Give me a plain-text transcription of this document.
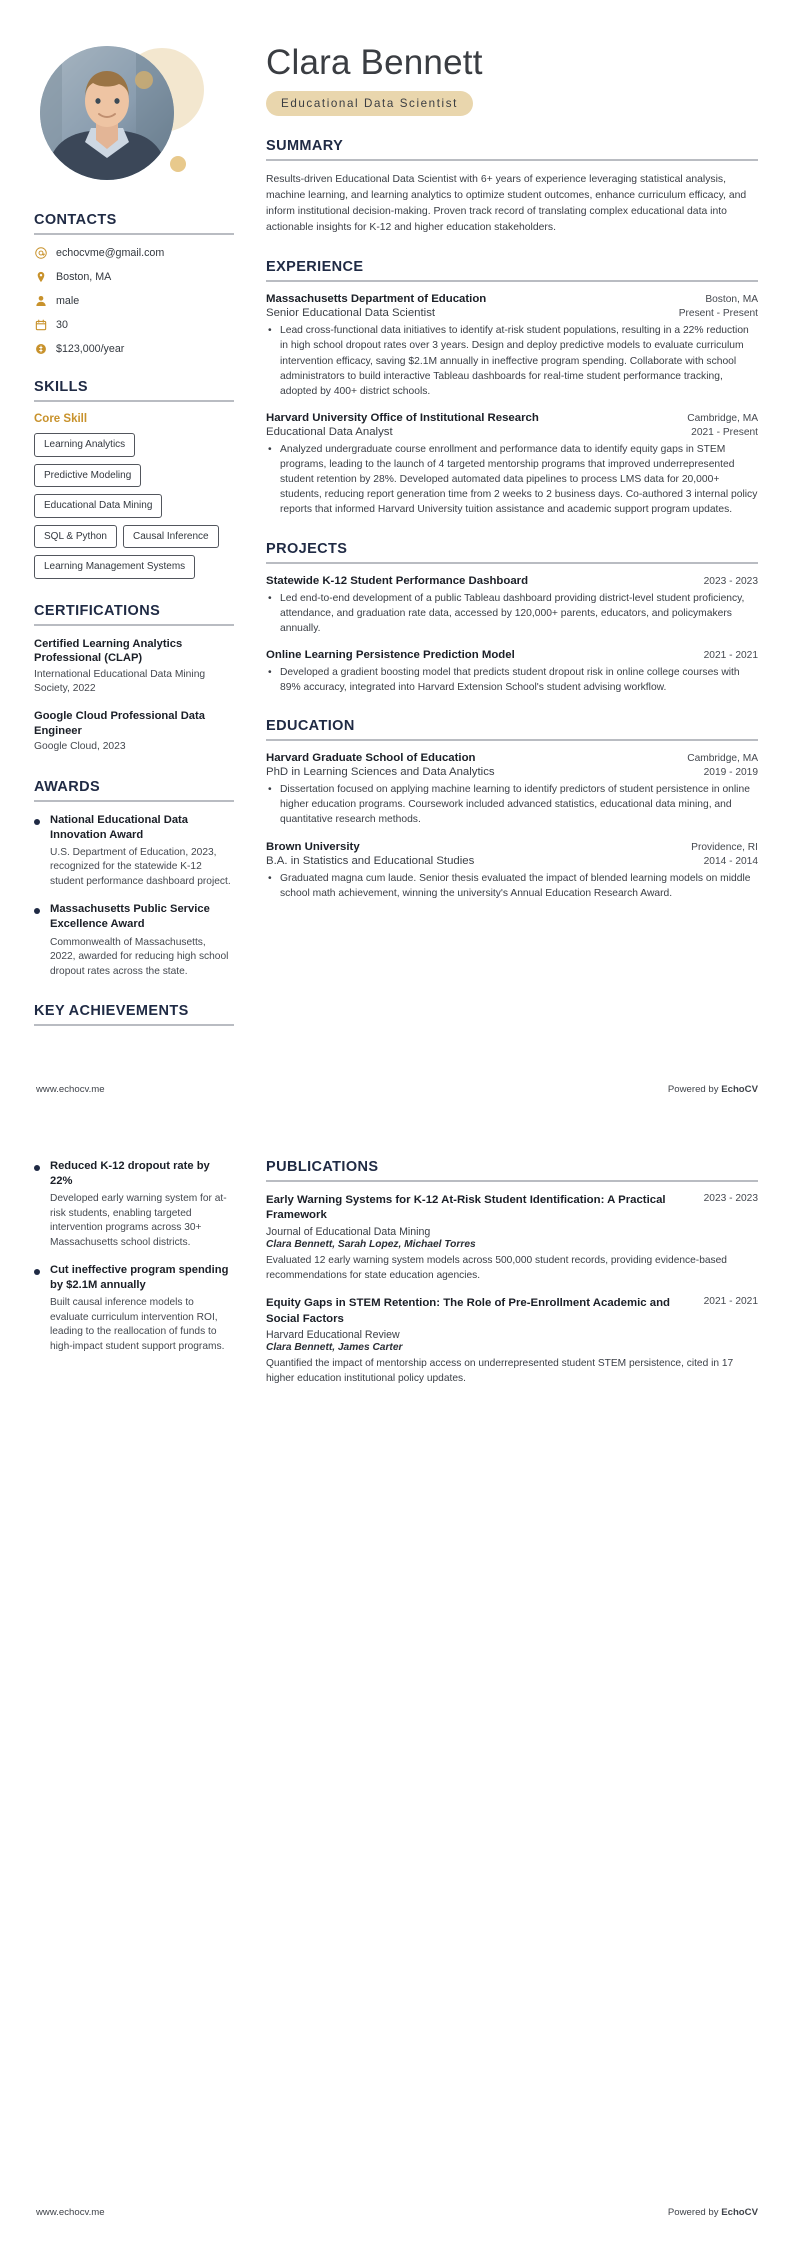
CONTACTS
echocvme@gmail.com
Boston, MA
male
30
$123,000/year
SKILLS
Core Skill
Learning Analytics
Predictive Modeling
Educational Data Mining
SQL & Python	Causal Inference
Learning Management Systems
CERTIFICATIONS
Certified Learning Analytics Professional (CLAP)
International Educational Data Mining Society, 2022
Google Cloud Professional Data Engineer
Google Cloud, 2023
AWARDS
National Educational Data Innovation Award
U.S. Department of Education, 2023, recognized for the statewide K-12 student performance dashboard project.
Massachusetts Public Service Excellence Award
Commonwealth of Massachusetts, 2022, awarded for reducing high school dropout rates across the state.
KEY ACHIEVEMENTS
Clara Bennett
Educational Data Scientist
SUMMARY
Results-driven Educational Data Scientist with 6+ years of experience leveraging statistical analysis, machine learning, and learning analytics to optimize student outcomes, enhance curriculum efficacy, and inform institutional decision-making. Proven track record of translating complex educational data into actionable insights for K-12 and higher education stakeholders.
EXPERIENCE
Massachusetts Department of Education	Boston, MA
Senior Educational Data Scientist	Present - Present
• Lead cross-functional data initiatives to identify at-risk student populations, resulting in a 22% reduction in high school dropout rates over 3 years. Design and deploy predictive models to evaluate curriculum intervention efficacy, saving $2.1M annually in ineffective program spending. Collaborate with school administrators to build interactive Tableau dashboards for real-time student performance tracking, adopted by 400+ district schools.
Harvard University Office of Institutional Research	Cambridge, MA
Educational Data Analyst	2021 - Present
• Analyzed undergraduate course enrollment and performance data to identify equity gaps in STEM programs, leading to the launch of 4 targeted mentorship programs that improved underrepresented student retention by 28%. Developed automated data pipelines to process LMS data for 20,000+ students, reducing report generation time from 2 weeks to 2 business days. Co-authored 3 internal policy reports that informed Harvard University tuition assistance and academic support program updates.
PROJECTS
Statewide K-12 Student Performance Dashboard	2023 - 2023
• Led end-to-end development of a public Tableau dashboard providing district-level student proficiency, attendance, and graduation rate data, accessed by 120,000+ parents, educators, and policymakers annually.
Online Learning Persistence Prediction Model	2021 - 2021
• Developed a gradient boosting model that predicts student dropout risk in online college courses with 89% accuracy, integrated into Harvard Extension School's student advising workflow.
EDUCATION
Harvard Graduate School of Education	Cambridge, MA
PhD in Learning Sciences and Data Analytics	2019 - 2019
• Dissertation focused on applying machine learning to identify predictors of student persistence in online higher education programs. Coursework included advanced statistics, educational data mining, and quantitative research methods.
Brown University	Providence, RI
B.A. in Statistics and Educational Studies	2014 - 2014
• Graduated magna cum laude. Senior thesis evaluated the impact of blended learning models on middle school math achievement, winning the university's Annual Education Research Award.
www.echocv.me	Powered by EchoCV
Reduced K-12 dropout rate by 22%
Developed early warning system for at-risk students, enabling targeted intervention programs across 30+ Massachusetts school districts.
Cut ineffective program spending by $2.1M annually
Built causal inference models to evaluate curriculum intervention ROI, leading to the reallocation of funds to high-impact student support programs.
PUBLICATIONS
Early Warning Systems for K-12 At-Risk Student Identification: A Practical Framework
Journal of Educational Data Mining
Clara Bennett, Sarah Lopez, Michael Torres
2023 - 2023
Evaluated 12 early warning system models across 500,000 student records, providing evidence-based recommendations for state education agencies.
Equity Gaps in STEM Retention: The Role of Pre-Enrollment Academic and Social Factors
Harvard Educational Review
Clara Bennett, James Carter
2021 - 2021
Quantified the impact of mentorship access on underrepresented student STEM persistence, cited in 17 higher education institutional policy updates.
www.echocv.me	Powered by EchoCV
